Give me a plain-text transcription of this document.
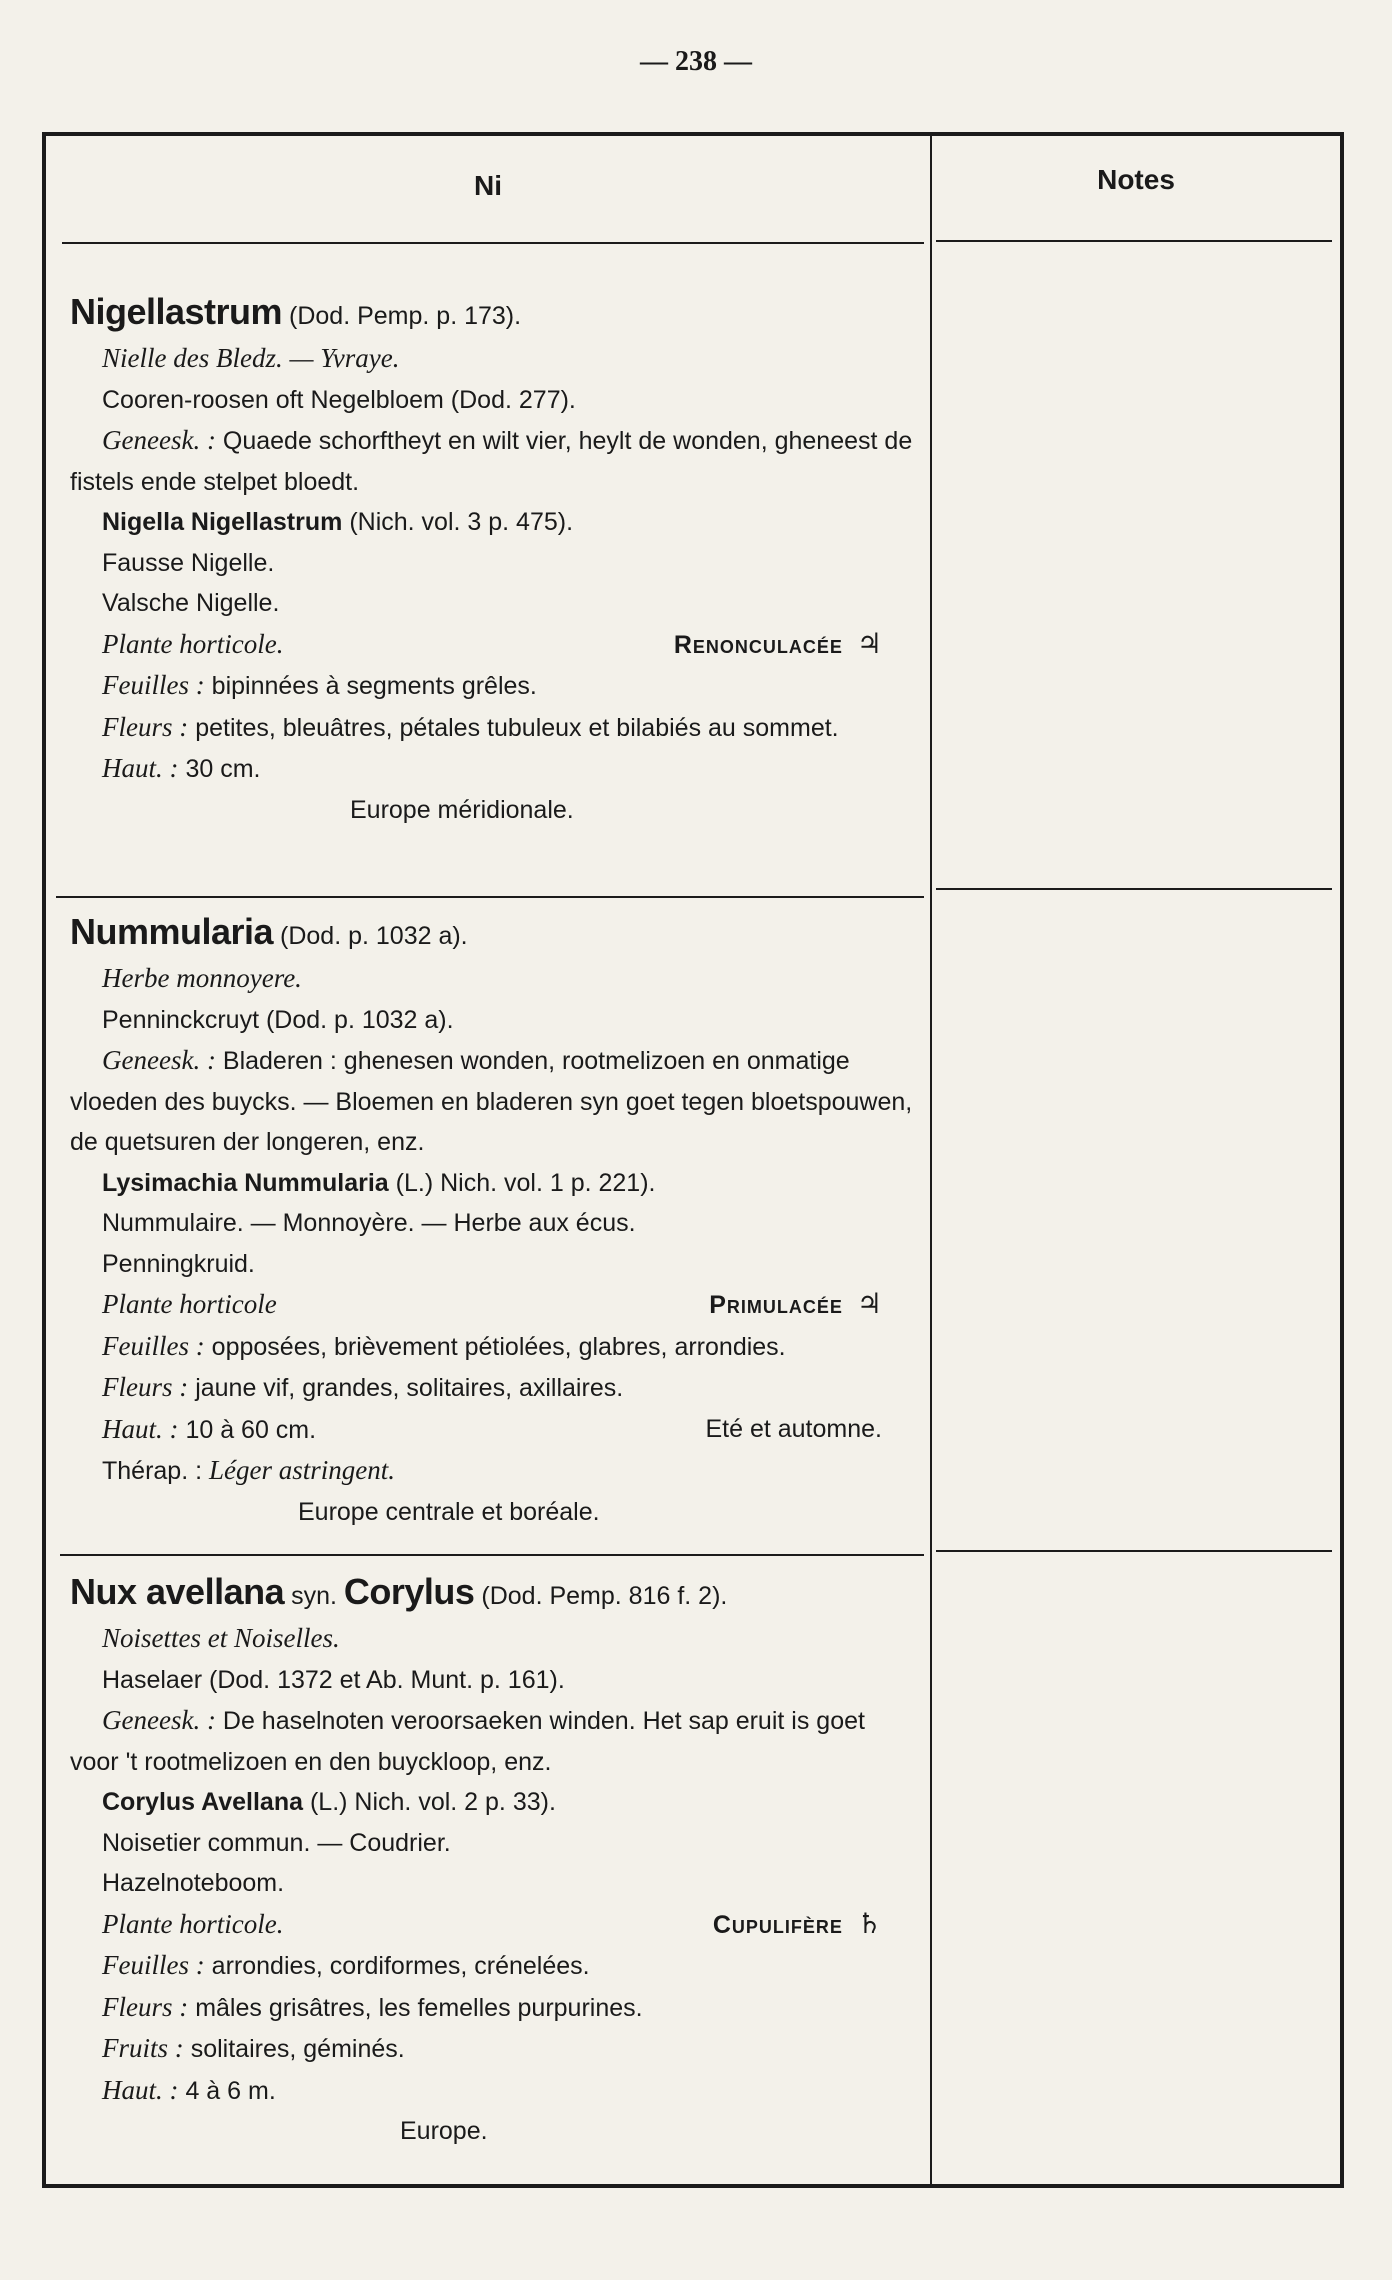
— 238 —
Ni	Notes

Nigellastrum (Dod. Pemp. p. 173).

Nielle des Bledz. — Yvraye.

Cooren-roosen oft Negelbloem (Dod. 277).

Geneesk. : Quaede schorftheyt en wilt vier, heylt de wonden, gheneest de fistels ende stelpet bloedt.

Nigella Nigellastrum (Nich. vol. 3 p. 475).

Fausse Nigelle.

Valsche Nigelle.

Plante horticole.	Renonculacée ♃

Feuilles : bipinnées à segments grêles.

Fleurs : petites, bleuâtres, pétales tubuleux et bilabiés au sommet.

Haut. : 30 cm.

Europe méridionale.

Nummularia (Dod. p. 1032 a).

Herbe monnoyere.

Penninckcruyt (Dod. p. 1032 a).

Geneesk. : Bladeren : ghenesen wonden, rootmelizoen en onmatige vloeden des buycks. — Bloemen en bladeren syn goet tegen bloetspouwen, de quetsuren der longeren, enz.

Lysimachia Nummularia (L.) Nich. vol. 1 p. 221).

Nummulaire. — Monnoyère. — Herbe aux écus.

Penningkruid.

Plante horticole	Primulacée ♃

Feuilles : opposées, brièvement pétiolées, glabres, arrondies.

Fleurs : jaune vif, grandes, solitaires, axillaires.

Haut. : 10 à 60 cm.	Eté et automne.

Thérap. : Léger astringent.

Europe centrale et boréale.

Nux avellana syn. Corylus (Dod. Pemp. 816 f. 2).

Noisettes et Noiselles.

Haselaer (Dod. 1372 et Ab. Munt. p. 161).

Geneesk. : De haselnoten veroorsaeken winden. Het sap eruit is goet voor 't rootmelizoen en den buyckloop, enz.

Corylus Avellana (L.) Nich. vol. 2 p. 33).

Noisetier commun. — Coudrier.

Hazelnoteboom.

Plante horticole.	Cupulifère ♄

Feuilles : arrondies, cordiformes, crénelées.

Fleurs : mâles grisâtres, les femelles purpurines.

Fruits : solitaires, géminés.

Haut. : 4 à 6 m.

Europe.
